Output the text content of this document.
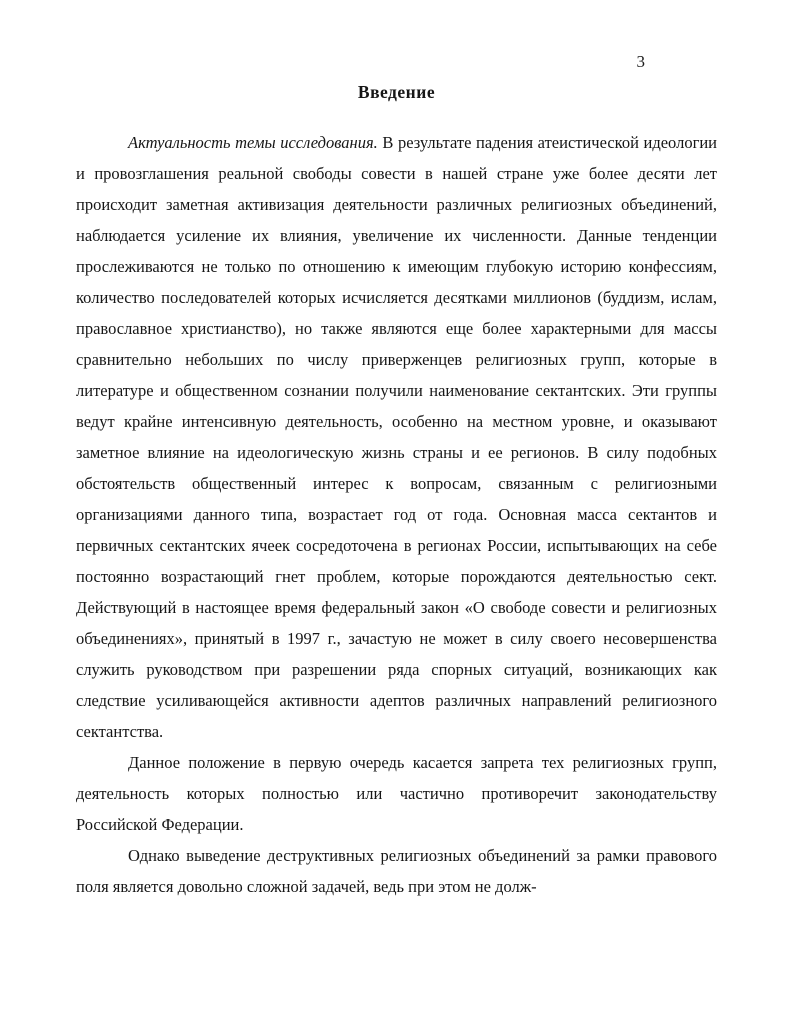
3
Введение

Актуальность темы исследования. В результате падения атеистической идеологии и провозглашения реальной свободы совести в нашей стране уже более десяти лет происходит заметная активизация деятельности различных религиозных объединений, наблюдается усиление их влияния, увеличение их численности. Данные тенденции прослеживаются не только по отношению к имеющим глубокую историю конфессиям, количество последователей которых исчисляется десятками миллионов (буддизм, ислам, православное христианство), но также являются еще более характерными для массы сравнительно небольших по числу приверженцев религиозных групп, которые в литературе и общественном сознании получили наименование сектантских. Эти группы ведут крайне интенсивную деятельность, особенно на местном уровне, и оказывают заметное влияние на идеологическую жизнь страны и ее регионов. В силу подобных обстоятельств общественный интерес к вопросам, связанным с религиозными организациями данного типа, возрастает год от года. Основная масса сектантов и первичных сектантских ячеек сосредоточена в регионах России, испытывающих на себе постоянно возрастающий гнет проблем, которые порождаются деятельностью сект. Действующий в настоящее время федеральный закон «О свободе совести и религиозных объединениях», принятый в 1997 г., зачастую не может в силу своего несовершенства служить руководством при разрешении ряда спорных ситуаций, возникающих как следствие усиливающейся активности адептов различных направлений религиозного сектантства.

Данное положение в первую очередь касается запрета тех религиозных групп, деятельность которых полностью или частично противоречит законодательству Российской Федерации.

Однако выведение деструктивных религиозных объединений за рамки правового поля является довольно сложной задачей, ведь при этом не долж-
